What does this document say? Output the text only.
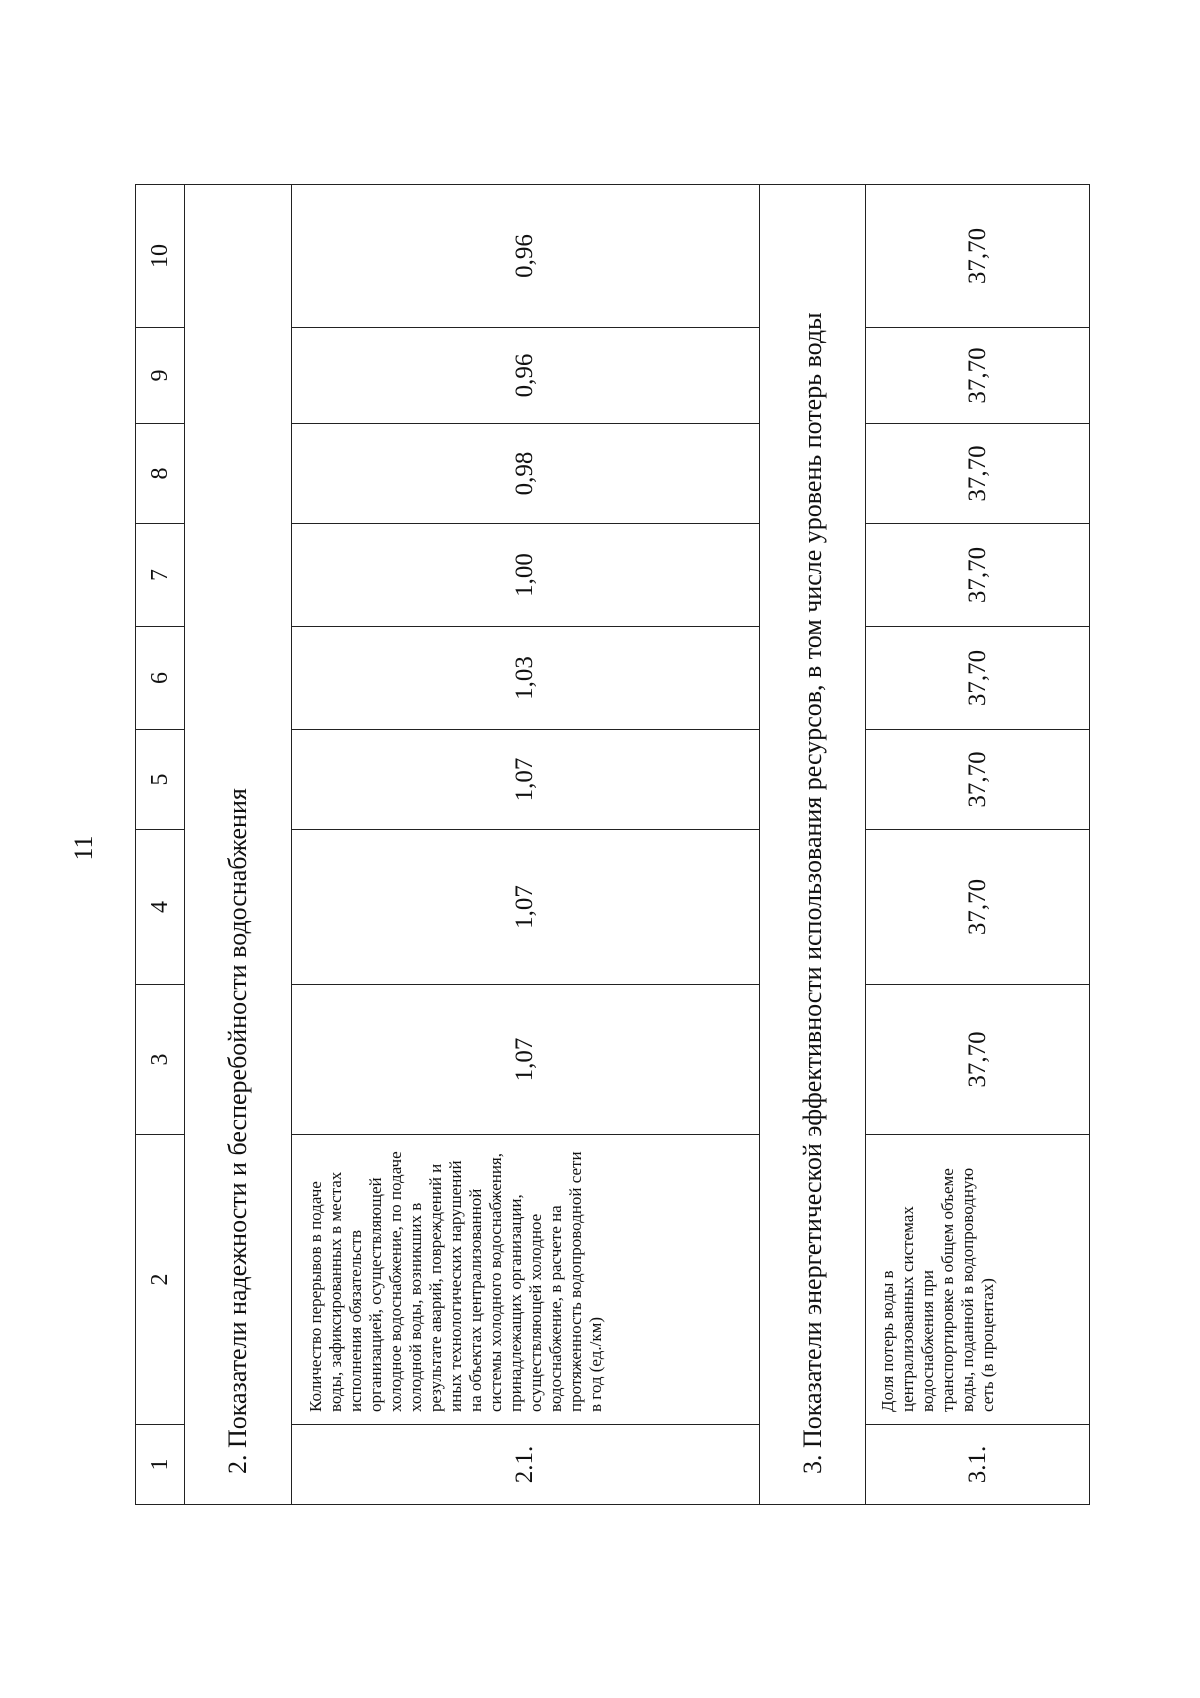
11
1	2	3	4	5	6	7	8	9	10
2. Показатели надежности и бесперебойности водоснабжения									
2.1.	Количество перерывов в подаче воды, зафиксированных в местах исполнения обязательств организацией, осуществляющей холодное водоснабжение, по подаче холодной воды, возникших в результате аварий, повреждений и иных технологических нарушений на объектах централизованной системы холодного водоснабжения, принадлежащих организации, осуществляющей холодное водоснабжение, в расчете на протяженность водопроводной сети в год (ед./км)	1,07	1,07	1,07	1,03	1,00	0,98	0,96	0,96
3. Показатели энергетической эффективности использования ресурсов, в том числе уровень потерь воды									
3.1.	Доля потерь воды в централизованных системах водоснабжения при транспортировке в общем объеме воды, поданной в водопроводную сеть (в процентах)	37,70	37,70	37,70	37,70	37,70	37,70	37,70	37,70
